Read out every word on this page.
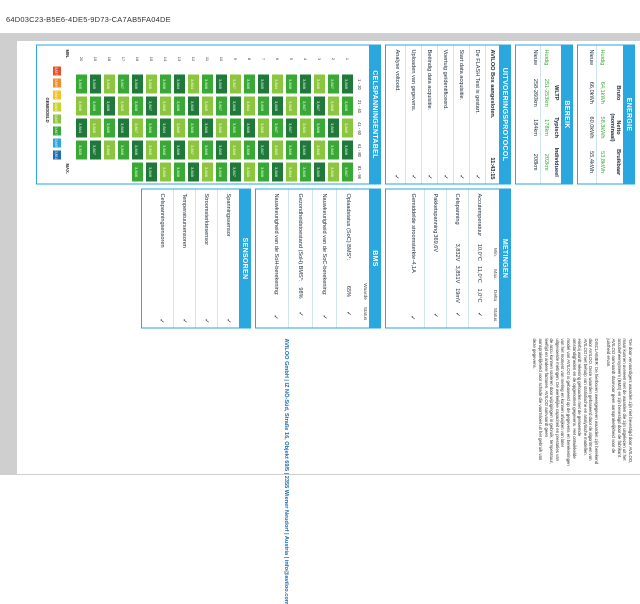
64D03C23-B5E6-4DE5-9D73-CA7AB5FA04DE
ENERGIE
Bruto
Netto (nominaal)
Bruikbaar
Huidig
64,1kWh
58,3kWh
53,8kWh
Nieuw
66,0kWh
60,0kWh
55,4kWh
BEREIK
WLTP
Typisch
Individueel
Huidig
251-253km
178km
202km
Nieuw
258-260km
184km
208km
UITVOERINGSPROTOCOL
AVILOO Box aangesloten.
11:43:15
De FLASH Test is gestart.
✓
Start data acquisitie.
✓
Voertuig geïdentificeerd.
✓
Beëindig data acquisitie.
✓
Uploaden van gegevens.
✓
Analyse voltooid.
✓
CELSPANNINGENTABEL
1 - 20
21 - 40
41 - 60
61 - 80
81 - 96
1
2
3
4
5
6
7
8
9
10
11
12
13
14
15
16
17
18
19
20
3,845
3,847
3,846
3,846
3,846
3,844
3,845
3,846
3,847
3,845
3,846
3,844
3,844
3,846
3,845
3,846
3,847
3,846
3,845
3,845
3,846
3,846
3,847
3,847
3,845
3,846
3,846
3,844
3,846
3,847
3,846
3,845
3,846
3,846
3,847
3,846
3,845
3,846
3,846
3,846
3,845
3,846
3,846
3,845
3,847
3,847
3,846
3,846
3,845
3,846
3,846
3,846
3,845
3,844
3,846
3,847
3,846
3,845
3,846
3,844
3,846
3,845
3,846
3,846
3,846
3,845
3,847
3,846
3,846
3,845
3,846
3,847
3,846
3,846
3,845
3,846
3,846
3,846
3,847
3,845
3,847
3,846
3,845
3,846
3,844
3,846
3,846
3,845
3,847
3,846
3,846
3,845
3,846
3,845
3,846
3,846
MIN.
MAX.
3,837
3,839
3,841
3,843
3,845
3,847
3,849
3,851
GEMIDDELD
METINGEN
Min.
Max.
Delta
Status
Accutemperatuur
10,0°C
11,0°C
1,0°C
✓
Celspanning
3,832V
3,851V
19mV
✓
Pakketspanning
369,6V
✓
Gemiddelde stroomsterkte
-4,1A
✓
BMS
Waarde
Status
Oplaadstatus (SoC) BMS*:
65%
✓
Nauwkeurigheid van de SoC-berekening:
✓
Gezondheidstoestand (SoH) BMS*:
98%
✓
Nauwkeurigheid van de SoH-berekening:
✓
SENSOREN
Spanningssensor
✓
Stroomsterktesensor
✓
Temperatuursensoren
✓
Celspanningsensoren
✓
*De door vervaardigers waarden zijn niet bevestigd door AVILOO, maar kunnen overeen met de waarden die zijn uitgelezen uit het accubeheersysteem (BMS) en zijn bevestigd door de fabrikant. AVILOO aanvaardt daarvoor geen aansprakelijkheid voor de juistheid ervan.
DISCLAIMER: De hierboven weergegeven waarden zijn berekend door AVILOO. Deze waarden gebaseerd door de algoritmen van AVILOO met behulp van statistische en analytische modellen. Hierbij wordt rekening gehouden met de genoemde omstandigheden en de opgenomen gegevens. Het ontwikkelde model van AVILOO is gebaseerd op de gegevens en berekeningen van het moment van meting en kunnen afwijken van later uitgevoerde metingen. De werkelijke capaciteit en prestaties van de accu kunnen variëren door wijzigingen in gebruik, temperatuur, leeftijd en andere factoren. AVILOO aanvaardt geen aansprakelijkheid voor schade die voortvloeit uit het gebruik van deze gegevens.
AVILOO GmbH | IZ NÖ-Süd, Straße 16, Objekt 69/5 | 2355 Wiener Neudorf | Austria | info@aviloo.com
